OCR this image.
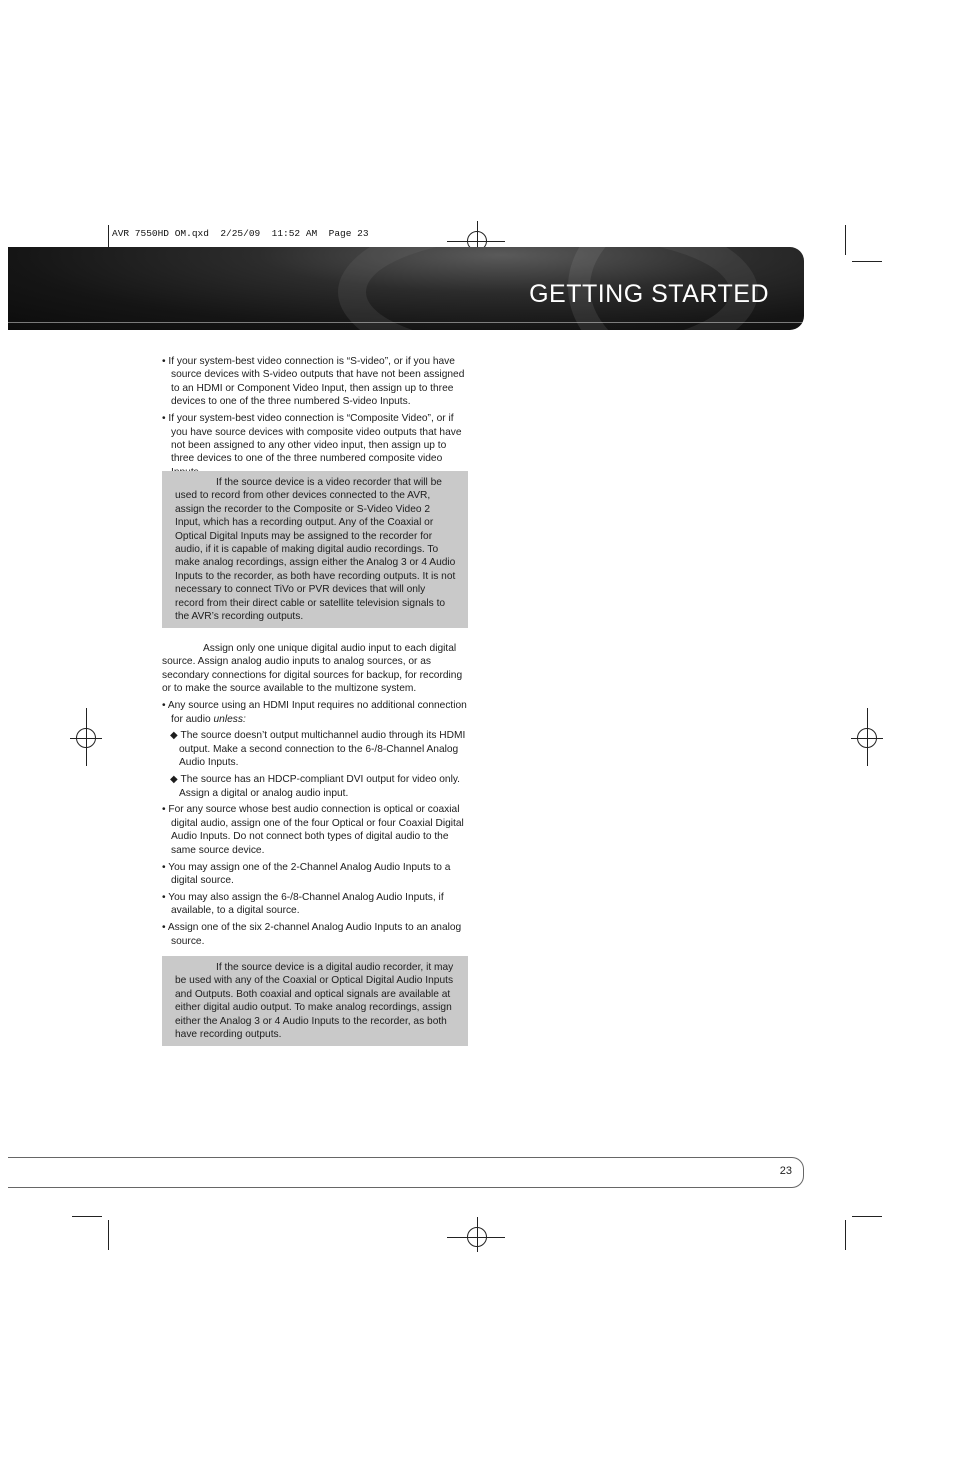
AVR 7550HD OM.qxd  2/25/09  11:52 AM  Page 23
GETTING STARTED

• If your system-best video connection is “S-video”, or if you have source devices with S-video outputs that have not been assigned to an HDMI or Component Video Input, then assign up to three devices to one of the three numbered S-video Inputs.

• If your system-best video connection is “Composite Video”, or if you have source devices with composite video outputs that have not been assigned to any other video input, then assign up to three devices to one of the three numbered composite video

If the source device is a video recorder that will be used to record from other devices connected to the AVR, assign the recorder to the Composite or S-Video Video 2 Input, which has a recording output. Any of the Coaxial or Optical Digital Inputs may be assigned to the recorder for audio, if it is capable of making digital audio recordings. To make analog recordings, assign either the Analog 3 or 4 Audio Inputs to the recorder, as both have recording outputs. It is not necessary to connect TiVo or PVR devices that will only record from their direct cable or satellite television signals to the AVR’s recording outputs.

Assign only one unique digital audio input to each digital source. Assign analog audio inputs to analog sources, or as secondary connections for digital sources for backup, for recording or to make the source available to the multizone system.

• Any source using an HDMI Input requires no additional connection for audio unless:

◆ The source doesn’t output multichannel audio through its HDMI output. Make a second connection to the 6-/8-Channel Analog Audio Inputs.

◆ The source has an HDCP-compliant DVI output for video only. Assign a digital or analog audio input.

• For any source whose best audio connection is optical or coaxial digital audio, assign one of the four Optical or four Coaxial Digital Audio Inputs. Do not connect both types of digital audio to the same source device.

• You may assign one of the 2-Channel Analog Audio Inputs to a digital source.

• You may also assign the 6-/8-Channel Analog Audio Inputs, if available, to a digital source.

• Assign one of the six 2-channel Analog Audio Inputs to an analog source.

If the source device is a digital audio recorder, it may be used with any of the Coaxial or Optical Digital Audio Inputs and Outputs. Both coaxial and optical signals are available at either digital audio output. To make analog recordings, assign either the Analog 3 or 4 Audio Inputs to the recorder, as both have recording outputs.

23
